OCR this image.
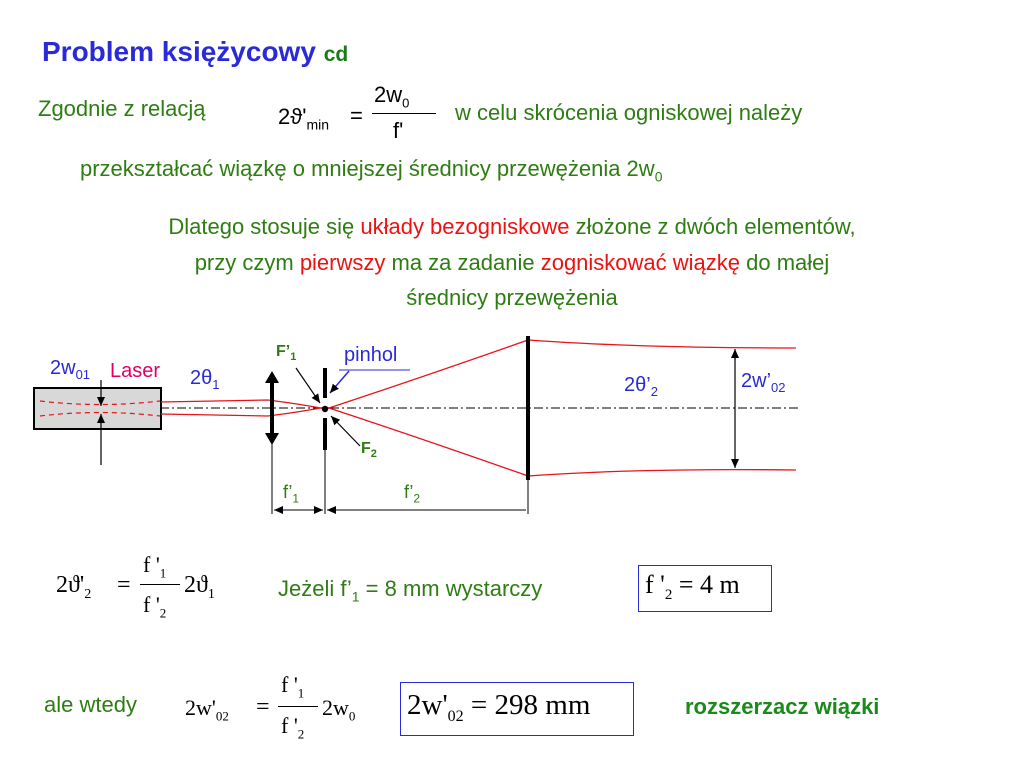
Problem księżycowy cd
Zgodnie z relacją	$2ϑ'_{min}$ =
$2w_0$
f'
w celu skrócenia ogniskowej należy
przekształcać wiązkę o mniejszej średnicy przewężenia $2w_0$
Dlatego stosuje się układy bezogniskowe złożone z dwóch elementów,
przy czym pierwszy ma za zadanie zogniskować wiązkę do małej
średnicy przewężenia
$2w_{01}$ Laser $2\theta_1$
$F’_1$ pinhol
$F_2$
$2\theta’_2$	$2w’_{02}$
$f’_1$	$f’_2$
$2ϑ'_2$ =
f '$_1$
f '$_2$
$2ϑ_1$	Jeżeli $f’_1 = 8$ mm wystarczy	f '$_2 = 4$ m
ale wtedy $2w'_{02}$ =
f '$_1$
f '$_2$
$2w_0$ $2w'_{02} = 298$ mm	rozszerzacz wiązki
